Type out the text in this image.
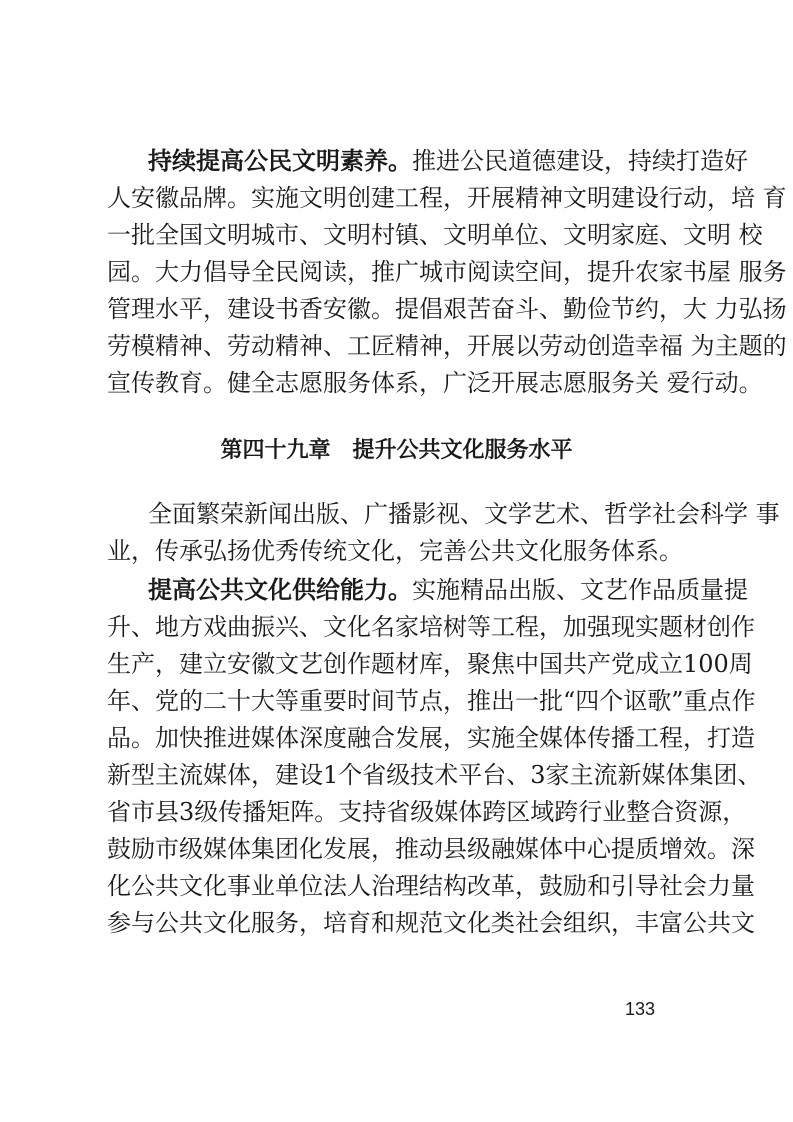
持续提高公民文明素养。推进公民道德建设，持续打造好
人安徽品牌。实施文明创建工程，开展精神文明建设行动，培 育
一批全国文明城市、文明村镇、文明单位、文明家庭、文明 校
园。大力倡导全民阅读，推广城市阅读空间，提升农家书屋 服务
管理水平，建设书香安徽。提倡艰苦奋斗、勤俭节约，大 力弘扬
劳模精神、劳动精神、工匠精神，开展以劳动创造幸福 为主题的
宣传教育。健全志愿服务体系，广泛开展志愿服务关 爱行动。
第四十九章　提升公共文化服务水平
全面繁荣新闻出版、广播影视、文学艺术、哲学社会科学 事
业，传承弘扬优秀传统文化，完善公共文化服务体系。
提高公共文化供给能力。实施精品出版、文艺作品质量提
升、地方戏曲振兴、文化名家培树等工程，加强现实题材创作
生产，建立安徽文艺创作题材库，聚焦中国共产党成立100周
年、党的二十大等重要时间节点，推出一批“四个讴歌”重点作
品。加快推进媒体深度融合发展，实施全媒体传播工程，打造
新型主流媒体，建设1个省级技术平台、3家主流新媒体集团、
省市县3级传播矩阵。支持省级媒体跨区域跨行业整合资源，
鼓励市级媒体集团化发展，推动县级融媒体中心提质增效。深
化公共文化事业单位法人治理结构改革，鼓励和引导社会力量
参与公共文化服务，培育和规范文化类社会组织，丰富公共文
133
